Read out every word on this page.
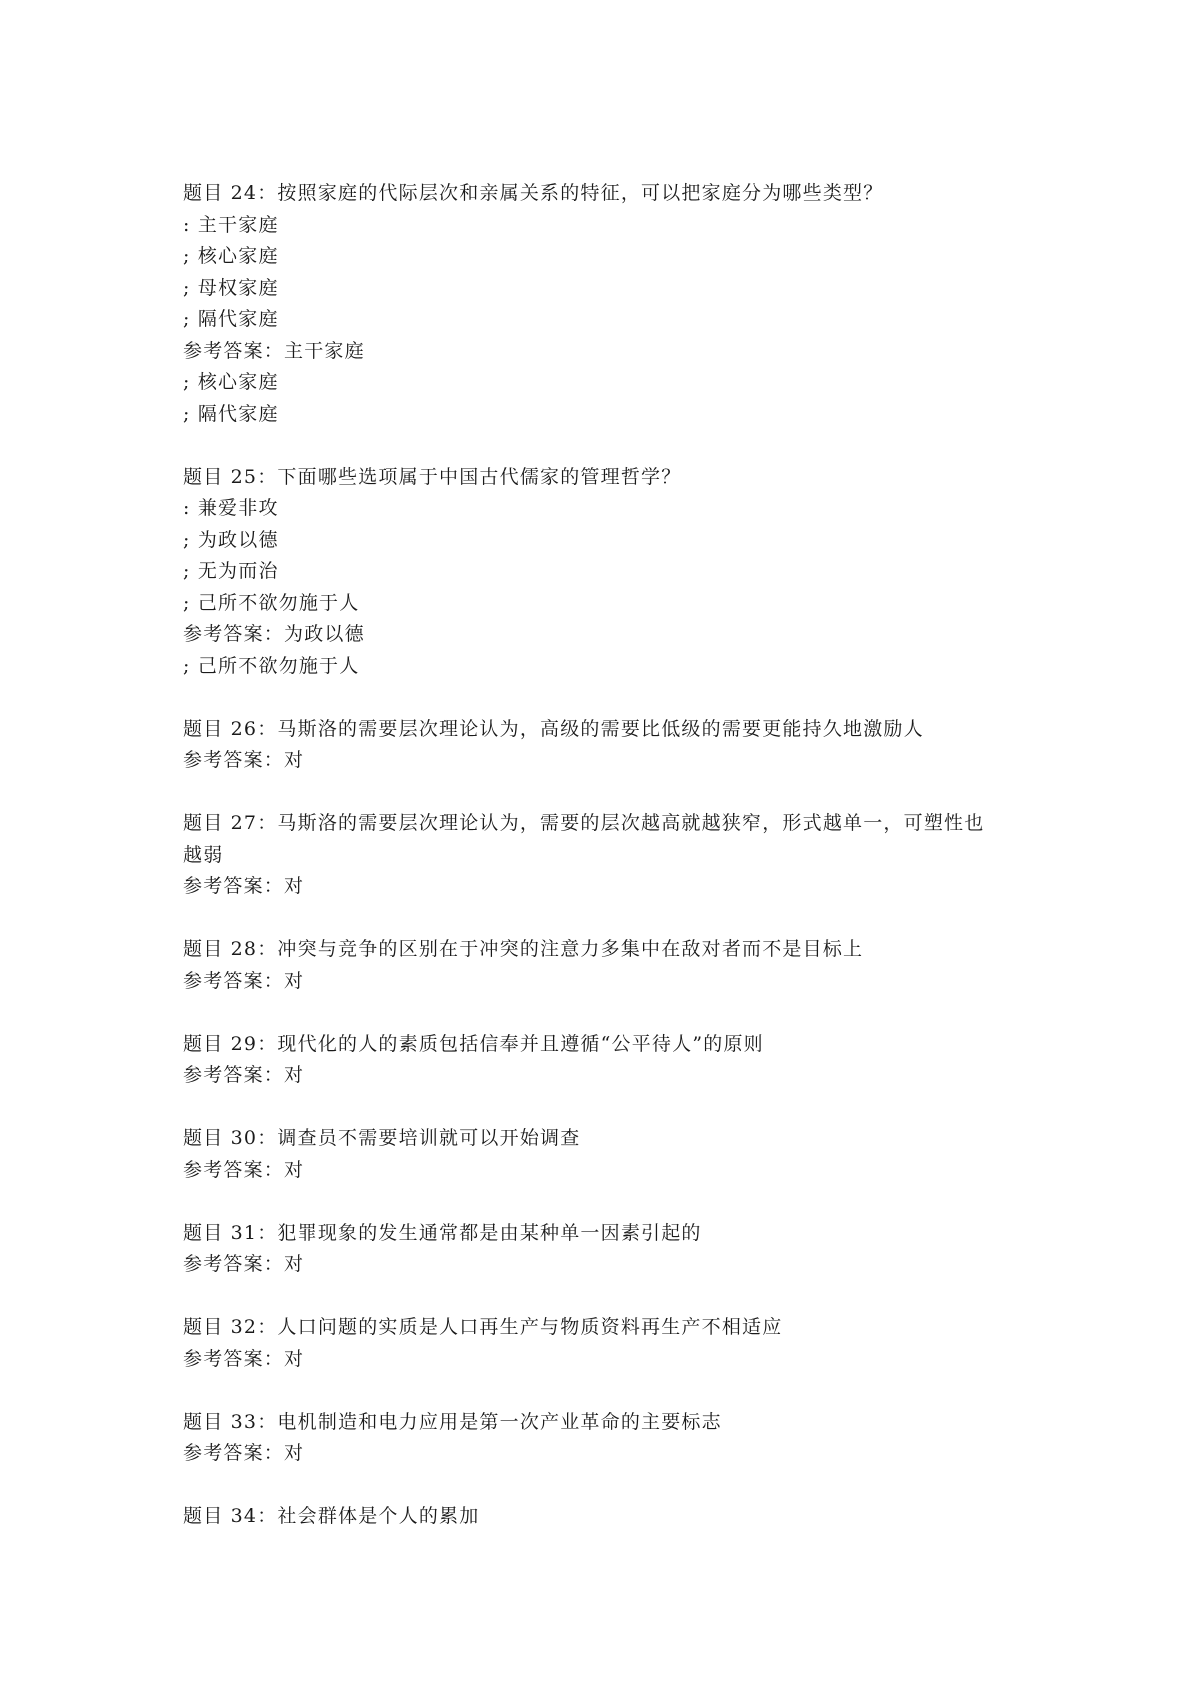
题目 24：按照家庭的代际层次和亲属关系的特征，可以把家庭分为哪些类型？
: 主干家庭
; 核心家庭
; 母权家庭
; 隔代家庭
参考答案：主干家庭
; 核心家庭
; 隔代家庭
题目 25：下面哪些选项属于中国古代儒家的管理哲学？
: 兼爱非攻
; 为政以德
; 无为而治
; 己所不欲勿施于人
参考答案：为政以德
; 己所不欲勿施于人
题目 26：马斯洛的需要层次理论认为，高级的需要比低级的需要更能持久地激励人
参考答案：对
题目 27：马斯洛的需要层次理论认为，需要的层次越高就越狭窄，形式越单一，可塑性也
越弱
参考答案：对
题目 28：冲突与竞争的区别在于冲突的注意力多集中在敌对者而不是目标上
参考答案：对
题目 29：现代化的人的素质包括信奉并且遵循“公平待人”的原则
参考答案：对
题目 30：调查员不需要培训就可以开始调查
参考答案：对
题目 31：犯罪现象的发生通常都是由某种单一因素引起的
参考答案：对
题目 32：人口问题的实质是人口再生产与物质资料再生产不相适应
参考答案：对
题目 33：电机制造和电力应用是第一次产业革命的主要标志
参考答案：对
题目 34：社会群体是个人的累加
